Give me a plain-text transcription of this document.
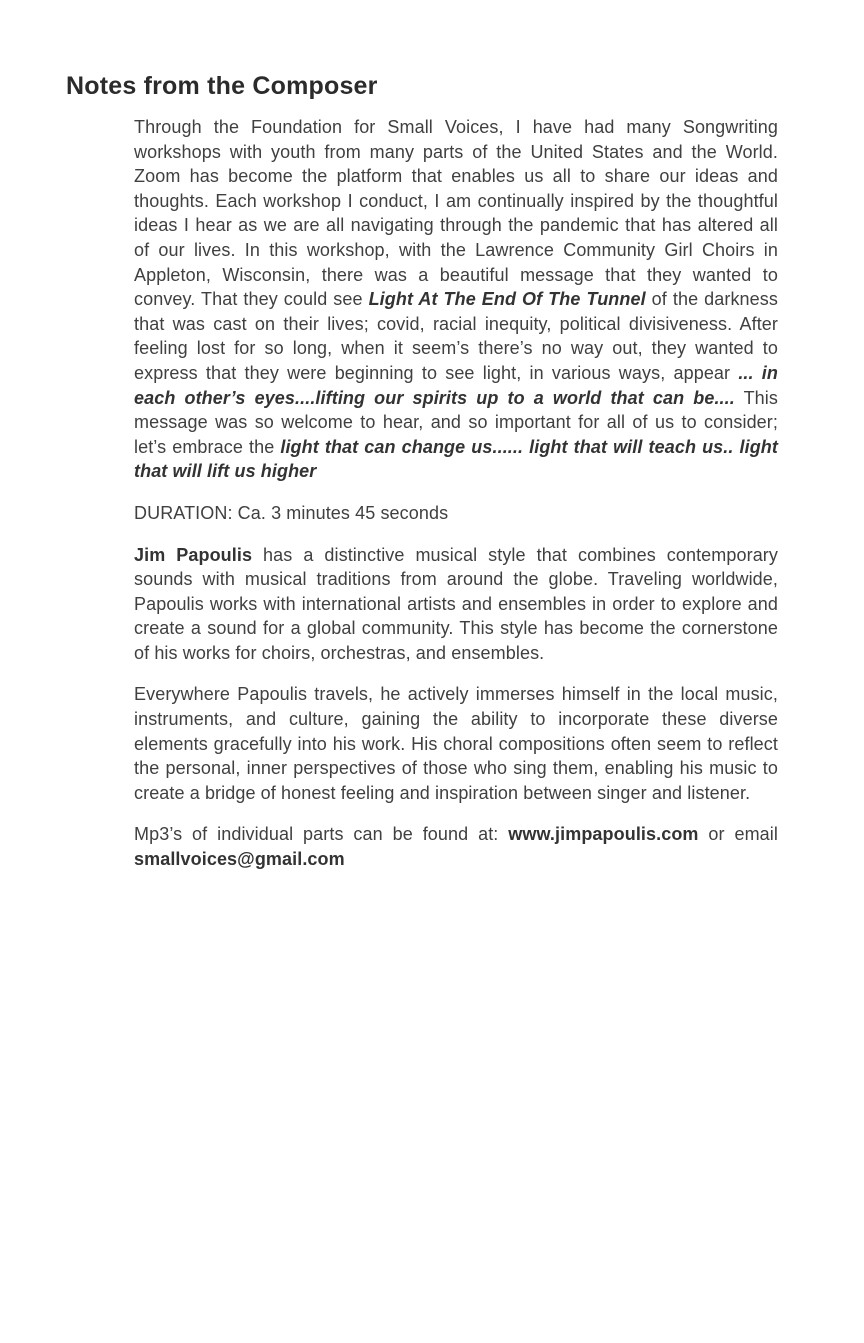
Notes from the Composer

Through the Foundation for Small Voices, I have had many Songwriting workshops with youth from many parts of the United States and the World. Zoom has become the platform that enables us all to share our ideas and thoughts. Each workshop I conduct, I am continually inspired by the thoughtful ideas I hear as we are all navigating through the pandemic that has altered all of our lives. In this workshop, with the Lawrence Community Girl Choirs in Appleton, Wisconsin, there was a beautiful message that they wanted to convey. That they could see Light At The End Of The Tunnel of the darkness that was cast on their lives; covid, racial inequity, political divisiveness. After feeling lost for so long, when it seem’s there’s no way out, they wanted to express that they were beginning to see light, in various ways, appear ... in each other’s eyes....lifting our spirits up to a world that can be.... This message was so welcome to hear, and so important for all of us to consider; let’s embrace the light that can change us...... light that will teach us.. light that will lift us higher

DURATION: Ca. 3 minutes 45 seconds

Jim Papoulis has a distinctive musical style that combines contemporary sounds with musical traditions from around the globe. Traveling worldwide, Papoulis works with international artists and ensembles in order to explore and create a sound for a global community. This style has become the cornerstone of his works for choirs, orchestras, and ensembles.

Everywhere Papoulis travels, he actively immerses himself in the local music, instruments, and culture, gaining the ability to incorporate these diverse elements gracefully into his work. His choral compositions often seem to reflect the personal, inner perspectives of those who sing them, enabling his music to create a bridge of honest feeling and inspiration between singer and listener.

Mp3’s of individual parts can be found at: www.jimpapoulis.com or email smallvoices@gmail.com
